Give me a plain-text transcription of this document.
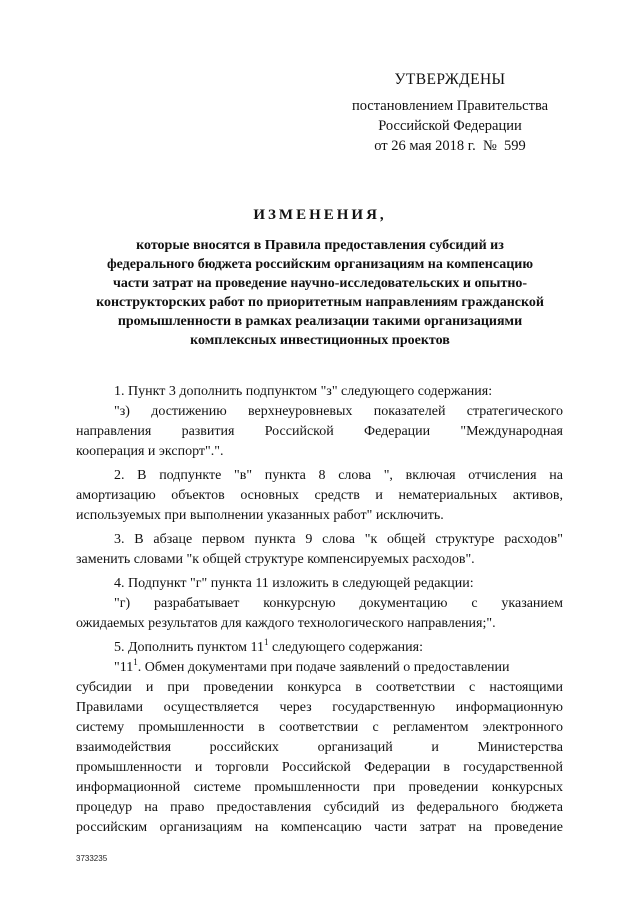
УТВЕРЖДЕНЫ
постановлением Правительства
Российской Федерации
от 26 мая 2018 г.  №  599
ИЗМЕНЕНИЯ,
которые вносятся в Правила предоставления субсидий из
федерального бюджета российским организациям на компенсацию
части затрат на проведение научно-исследовательских и опытно-
конструкторских работ по приоритетным направлениям гражданской
промышленности в рамках реализации такими организациями
комплексных инвестиционных проектов
1. Пункт 3 дополнить подпунктом "з" следующего содержания:
"з) достижению верхнеуровневых показателей стратегического
направления развития Российской Федерации "Международная
кооперация и экспорт".".
2. В подпункте "в" пункта 8 слова ", включая отчисления на
амортизацию объектов основных средств и нематериальных активов,
используемых при выполнении указанных работ" исключить.
3. В абзаце первом пункта 9 слова "к общей структуре расходов"
заменить словами "к общей структуре компенсируемых расходов".
4. Подпункт "г" пункта 11 изложить в следующей редакции:
"г) разрабатывает конкурсную документацию с указанием
ожидаемых результатов для каждого технологического направления;".
5. Дополнить пунктом $11^1$ следующего содержания:
"$11^1$. Обмен документами при подаче заявлений о предоставлении
субсидии и при проведении конкурса в соответствии с настоящими
Правилами осуществляется через государственную информационную
систему промышленности в соответствии с регламентом электронного
взаимодействия российских организаций и Министерства
промышленности и торговли Российской Федерации в государственной
информационной системе промышленности при проведении конкурсных
процедур на право предоставления субсидий из федерального бюджета
российским организациям на компенсацию части затрат на проведение
3733235
